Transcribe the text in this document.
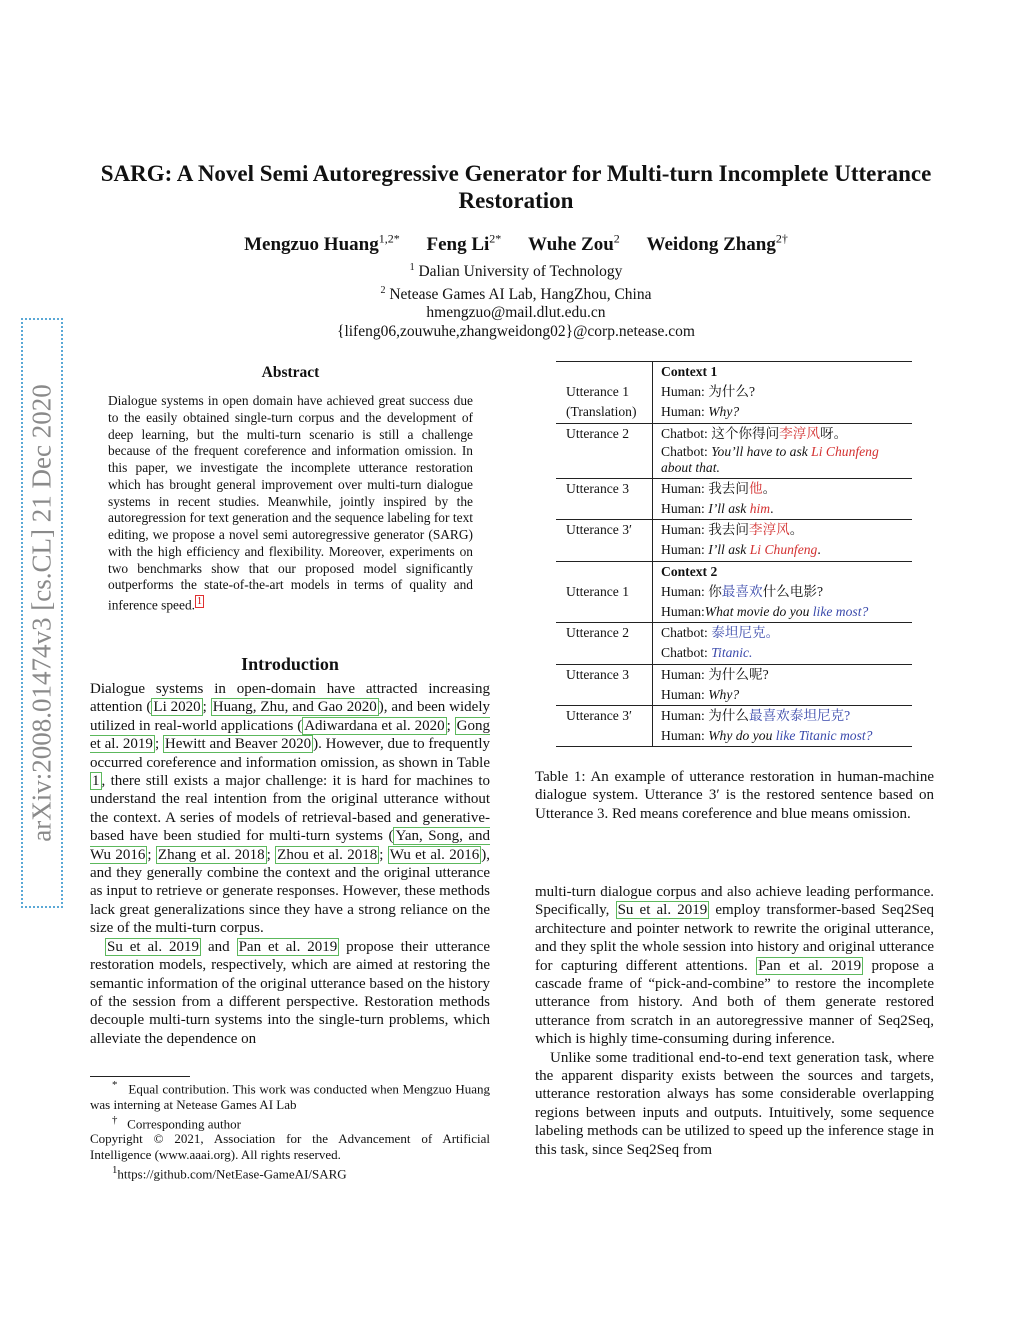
SARG: A Novel Semi Autoregressive Generator for Multi-turn Incomplete Utterance Restoration
Mengzuo Huang$^{1,2*}$ Feng $Li^{2*}$ Wuhe Zou$^2$ Weidong Zhang$^{2\dagger}$
$^1$ Dalian University of Technology
$^2$ Netease Games AI Lab, HangZhou, China
hmengzuo@mail.dlut.edu.cn
{lifeng06,zouwuhe,zhangweidong02}@corp.netease.com
arXiv:2008.01474v3 [cs.CL] 21 Dec 2020
Abstract
Dialogue systems in open domain have achieved great success due to the easily obtained single-turn corpus and the development of deep learning, but the multi-turn scenario is still a challenge because of the frequent coreference and information omission. In this paper, we investigate the incomplete utterance restoration which has brought general improvement over multi-turn dialogue systems in recent studies. Meanwhile, jointly inspired by the autoregression for text generation and the sequence labeling for text editing, we propose a novel semi autoregressive generator (SARG) with the high efficiency and flexibility. Moreover, experiments on two benchmarks show that our proposed model significantly outperforms the state-of-the-art models in terms of quality and inference speed. $^1$
Introduction

Dialogue systems in open-domain have attracted increasing attention ( Li 2020 ; Huang, Zhu, and Gao 2020 ), and been widely utilized in real-world applications ( Adiwardana et al. 2020 ; Gong et al. 2019 ; Hewitt and Beaver 2020 ). However, due to frequently occurred coreference and information omission, as shown in Table 1 , there still exists a major challenge: it is hard for machines to understand the real intention from the original utterance without the context. A series of models of retrieval-based and generative-based have been studied for multi-turn systems ( Yan, Song, and Wu 2016 ; Zhang et al. 2018 ; Zhou et al. 2018 ; Wu et al. 2016 ), and they generally combine the context and the original utterance as input to retrieve or generate responses. However, these methods lack great generalizations since they have a strong reliance on the size of the multi-turn corpus.

Su et al. 2019 and Pan et al. 2019 propose their utterance restoration models, respectively, which are aimed at restoring the semantic information of the original utterance based on the history of the session from a different perspective. Restoration methods decouple multi-turn systems into the single-turn problems, which alleviate the dependence on

* Equal contribution. This work was conducted when Mengzuo Huang was interning at Netease Games AI Lab

† Corresponding author

Copyright © 2021, Association for the Advancement of Artificial Intelligence (www.aaai.org). All rights reserved.

$^1$https://github.com/NetEase-GameAI/SARG

	Context 1
Utterance 1	Human: 为什么?
(Translation)	Human: Why?
Utterance 2	Chatbot: 这个你得问李淳风呀。
	Chatbot: You’ll have to ask Li Chunfeng
about that.
Utterance 3	Human: 我去问他。
	Human: I’ll ask him.
Utterance 3′	Human: 我去问李淳风。
	Human: I’ll ask Li Chunfeng.
	Context 2
Utterance 1	Human: 你最喜欢什么电影?
	Human:What movie do you like most?
Utterance 2	Chatbot: 泰坦尼克。
	Chatbot: Titanic.
Utterance 3	Human: 为什么呢?
	Human: Why?
Utterance 3′	Human: 为什么最喜欢泰坦尼克?
	Human: Why do you like Titanic most?
Table 1: An example of utterance restoration in human-machine dialogue system. Utterance 3′ is the restored sentence based on Utterance 3. Red means coreference and blue means omission.

multi-turn dialogue corpus and also achieve leading performance. Specifically, Su et al. 2019 employ transformer-based Seq2Seq architecture and pointer network to rewrite the original utterance, and they split the whole session into history and original utterance for capturing different attentions. Pan et al. 2019 propose a cascade frame of “pick-and-combine” to restore the incomplete utterance from history. And both of them generate restored utterance from scratch in an autoregressive manner of Seq2Seq, which is highly time-consuming during inference.

Unlike some traditional end-to-end text generation task, where the apparent disparity exists between the sources and targets, utterance restoration always has some considerable overlapping regions between inputs and outputs. Intuitively, some sequence labeling methods can be utilized to speed up the inference stage in this task, since Seq2Seq from
